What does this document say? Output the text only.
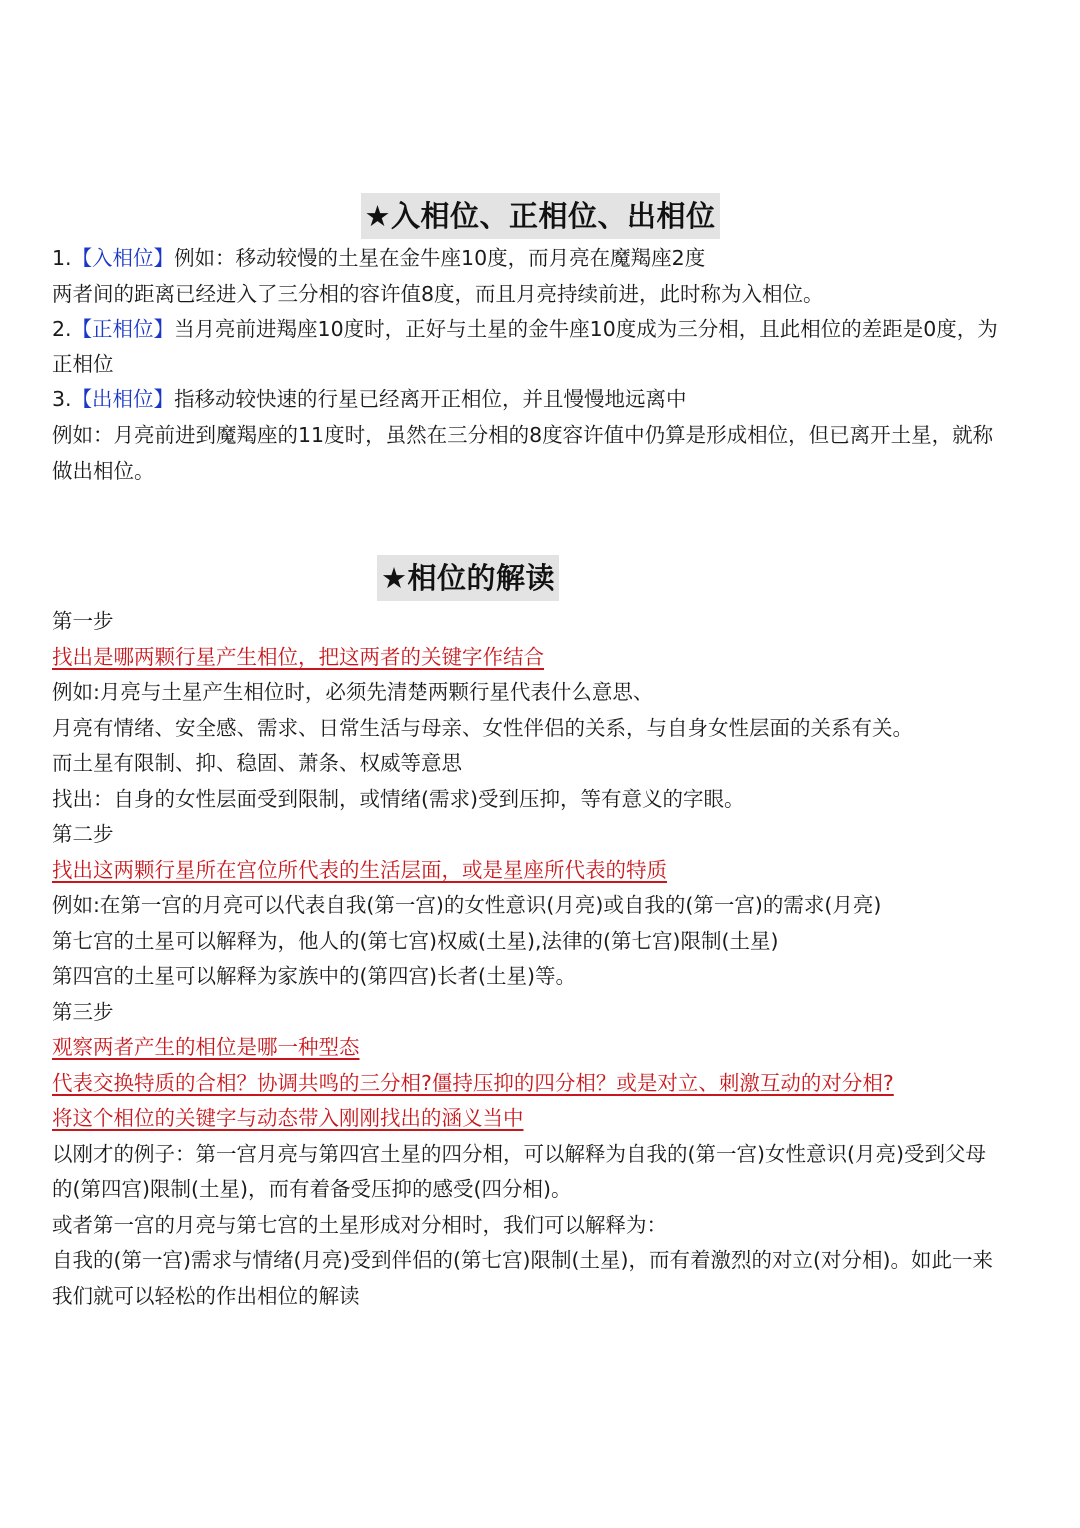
★入相位、正相位、出相位
1.【入相位】例如：移动较慢的土星在金牛座10度，而月亮在魔羯座2度
两者间的距离已经进入了三分相的容许值8度，而且月亮持续前进，此时称为入相位。
2.【正相位】当月亮前进羯座10度时，正好与土星的金牛座10度成为三分相，且此相位的差距是0度，为
正相位
3.【出相位】指移动较快速的行星已经离开正相位，并且慢慢地远离中
例如：月亮前进到魔羯座的11度时，虽然在三分相的8度容许值中仍算是形成相位，但已离开土星，就称
做出相位。
★相位的解读
第一步
找出是哪两颗行星产生相位，把这两者的关键字作结合
例如:月亮与土星产生相位时，必须先清楚两颗行星代表什么意思、
月亮有情绪、安全感、需求、日常生活与母亲、女性伴侣的关系，与自身女性层面的关系有关。
而土星有限制、抑、稳固、萧条、权威等意思
找出：自身的女性层面受到限制，或情绪(需求)受到压抑，等有意义的字眼。
第二步
找出这两颗行星所在宫位所代表的生活层面，或是星座所代表的特质
例如:在第一宫的月亮可以代表自我(第一宫)的女性意识(月亮)或自我的(第一宫)的需求(月亮)
第七宫的土星可以解释为，他人的(第七宫)权威(土星),法律的(第七宫)限制(土星)
第四宫的土星可以解释为家族中的(第四宫)长者(土星)等。
第三步
观察两者产生的相位是哪一种型态
代表交换特质的合相？协调共鸣的三分相?僵持压抑的四分相？或是对立、刺激互动的对分相?
将这个相位的关键字与动态带入刚刚找出的涵义当中
以刚才的例子：第一宫月亮与第四宫土星的四分相，可以解释为自我的(第一宫)女性意识(月亮)受到父母
的(第四宫)限制(土星)，而有着备受压抑的感受(四分相)。
或者第一宫的月亮与第七宫的土星形成对分相时，我们可以解释为：
自我的(第一宫)需求与情绪(月亮)受到伴侣的(第七宫)限制(土星)，而有着激烈的对立(对分相)。如此一来
我们就可以轻松的作出相位的解读
